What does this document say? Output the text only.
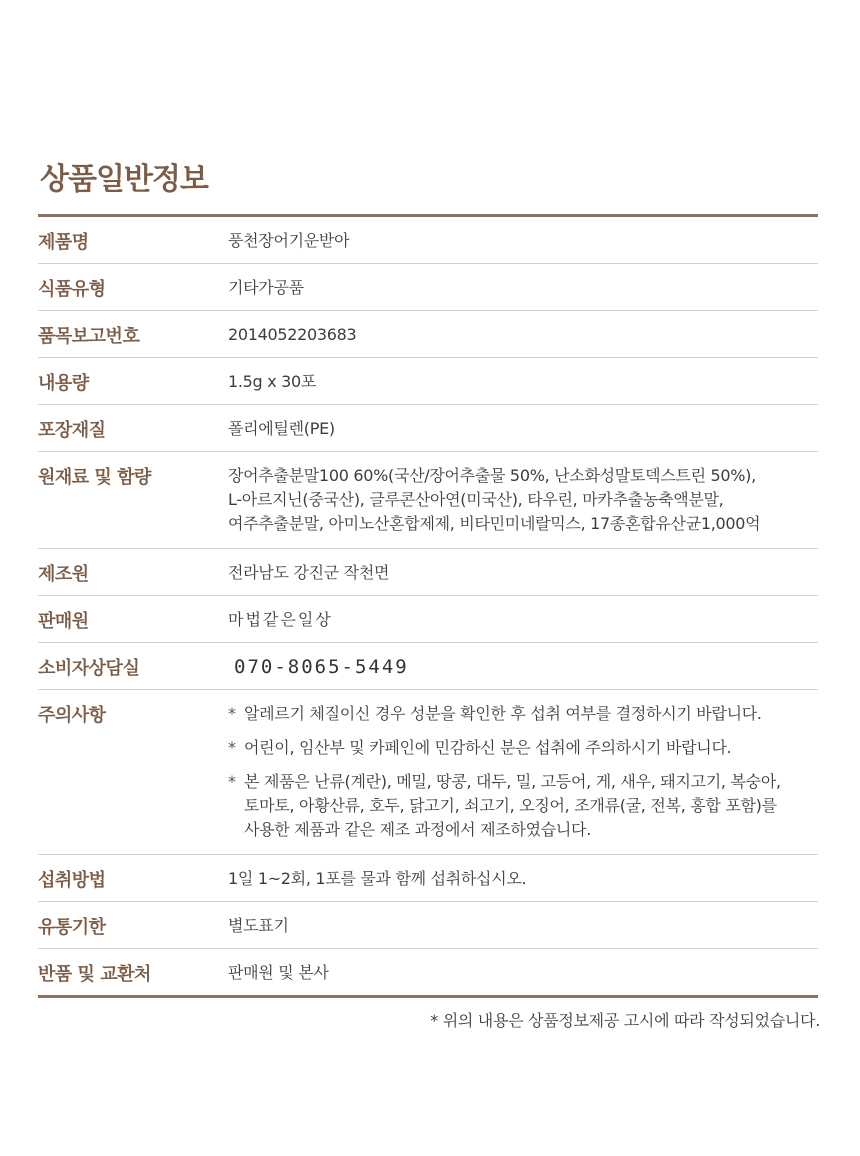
상품일반정보
제품명	풍천장어기운받아
식품유형	기타가공품
품목보고번호	2014052203683
내용량	1.5g x 30포
포장재질	폴리에틸렌(PE)
원재료 및 함량	장어추출분말100 60%(국산/장어추출물 50%, 난소화성말토덱스트린 50%),
L-아르지닌(중국산), 글루콘산아연(미국산), 타우린, 마카추출농축액분말,
여주추출분말, 아미노산혼합제제, 비타민미네랄믹스, 17종혼합유산균1,000억
제조원	전라남도 강진군 작천면
판매원	마법같은일상
소비자상담실	070-8065-5449
주의사항	* 알레르기 체질이신 경우 성분을 확인한 후 섭취 여부를 결정하시기 바랍니다.
* 어린이, 임산부 및 카페인에 민감하신 분은 섭취에 주의하시기 바랍니다.
* 본 제품은 난류(계란), 메밀, 땅콩, 대두, 밀, 고등어, 게, 새우, 돼지고기, 복숭아,
토마토, 아황산류, 호두, 닭고기, 쇠고기, 오징어, 조개류(굴, 전복, 홍합 포함)를
사용한 제품과 같은 제조 과정에서 제조하였습니다.
섭취방법	1일 1~2회, 1포를 물과 함께 섭취하십시오.
유통기한	별도표기
반품 및 교환처	판매원 및 본사
* 위의 내용은 상품정보제공 고시에 따라 작성되었습니다.
